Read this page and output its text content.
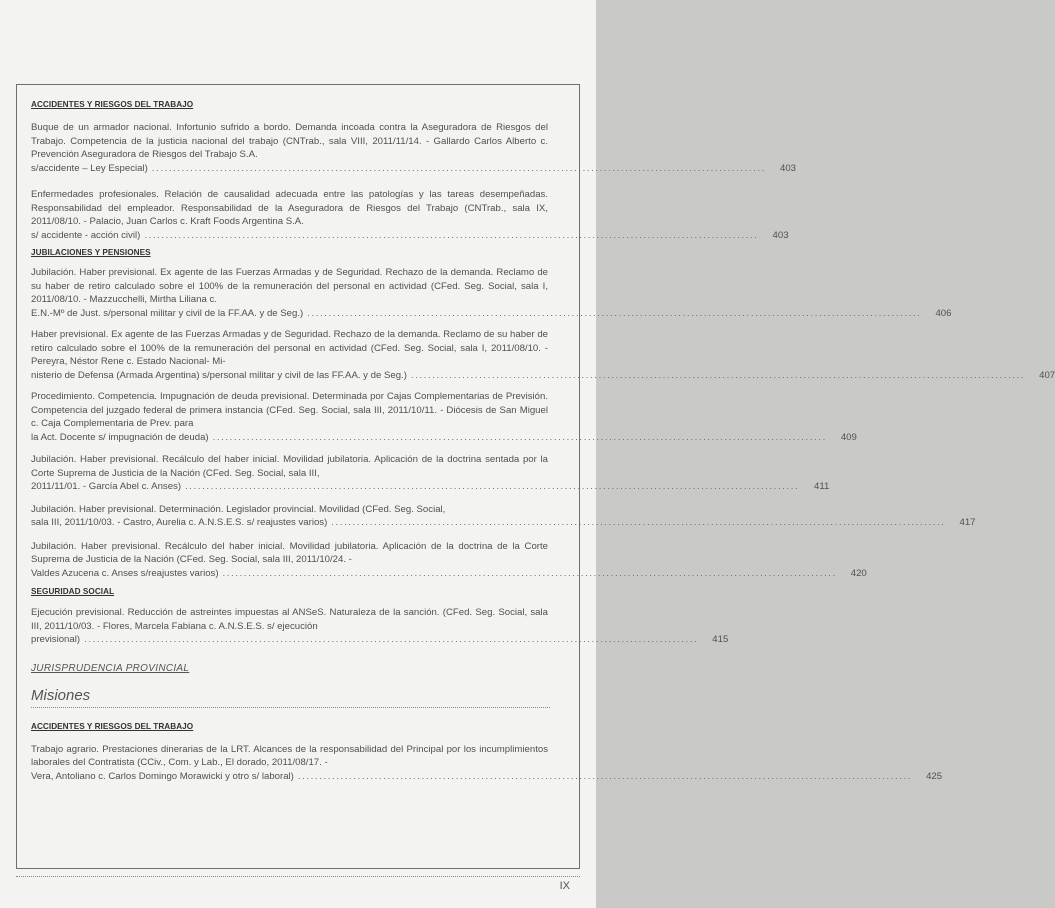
ACCIDENTES Y RIESGOS DEL TRABAJO

Buque de un armador nacional. Infortunio sufrido a bordo. Demanda incoada contra la Aseguradora de Riesgos del Trabajo. Competencia de la justicia nacional del trabajo (CNTrab., sala VIII, 2011/11/14. - Gallardo Carlos Alberto c. Prevención Aseguradora de Riesgos del Trabajo S.A.
s/accidente – Ley Especial) ................................................................................................................................................	403
Enfermedades profesionales. Relación de causalidad adecuada entre las patologías y las tareas desempeñadas. Responsabilidad del empleador. Responsabilidad de la Aseguradora de Riesgos del Trabajo (CNTrab., sala IX, 2011/08/10. - Palacio, Juan Carlos c. Kraft Foods Argentina S.A.
s/ accidente - acción civil) ................................................................................................................................................	403

JUBILACIONES Y PENSIONES

Jubilación. Haber previsional. Ex agente de las Fuerzas Armadas y de Seguridad. Rechazo de la demanda. Reclamo de su haber de retiro calculado sobre el 100% de la remuneración del personal en actividad (CFed. Seg. Social, sala I, 2011/08/10. - Mazzucchelli, Mirtha Liliana c.
E.N.-Mº de Just. s/personal militar y civil de la FF.AA. y de Seg.) ................................................................................................................................................	406
Haber previsional. Ex agente de las Fuerzas Armadas y de Seguridad. Rechazo de la demanda. Reclamo de su haber de retiro calculado sobre el 100% de la remuneración del personal en actividad (CFed. Seg. Social, sala I, 2011/08/10. - Pereyra, Néstor Rene c. Estado Nacional- Mi-
nisterio de Defensa (Armada Argentina) s/personal militar y civil de las FF.AA. y de Seg.) ................................................................................................................................................	407
Procedimiento. Competencia. Impugnación de deuda previsional. Determinada por Cajas Complementarias de Previsión. Competencia del juzgado federal de primera instancia (CFed. Seg. Social, sala III, 2011/10/11. - Diócesis de San Miguel c. Caja Complementaria de Prev. para
la Act. Docente s/ impugnación de deuda) ................................................................................................................................................	409
Jubilación. Haber previsional. Recálculo del haber inicial. Movilidad jubilatoria. Aplicación de la doctrina sentada por la Corte Suprema de Justicia de la Nación (CFed. Seg. Social, sala III,
2011/11/01. - García Abel c. Anses) ................................................................................................................................................	411
Jubilación. Haber previsional. Determinación. Legislador provincial. Movilidad (CFed. Seg. Social,
sala III, 2011/10/03. - Castro, Aurelia c. A.N.S.E.S. s/ reajustes varios) ................................................................................................................................................	417
Jubilación. Haber previsional. Recálculo del haber inicial. Movilidad jubilatoria. Aplicación de la doctrina de la Corte Suprema de Justicia de la Nación (CFed. Seg. Social, sala III, 2011/10/24. -
Valdes Azucena c. Anses s/reajustes varios) ................................................................................................................................................	420

SEGURIDAD SOCIAL

Ejecución previsional. Reducción de astreintes impuestas al ANSeS. Naturaleza de la sanción. (CFed. Seg. Social, sala III, 2011/10/03. - Flores, Marcela Fabiana c. A.N.S.E.S. s/ ejecución
previsional) ................................................................................................................................................	415

JURISPRUDENCIA PROVINCIAL

Misiones

ACCIDENTES Y RIESGOS DEL TRABAJO

Trabajo agrario. Prestaciones dinerarias de la LRT. Alcances de la responsabilidad del Principal por los incumplimientos laborales del Contratista (CCiv., Com. y Lab., El dorado, 2011/08/17. -
Vera, Antoliano c. Carlos Domingo Morawicki y otro s/ laboral) ................................................................................................................................................	425
IX
